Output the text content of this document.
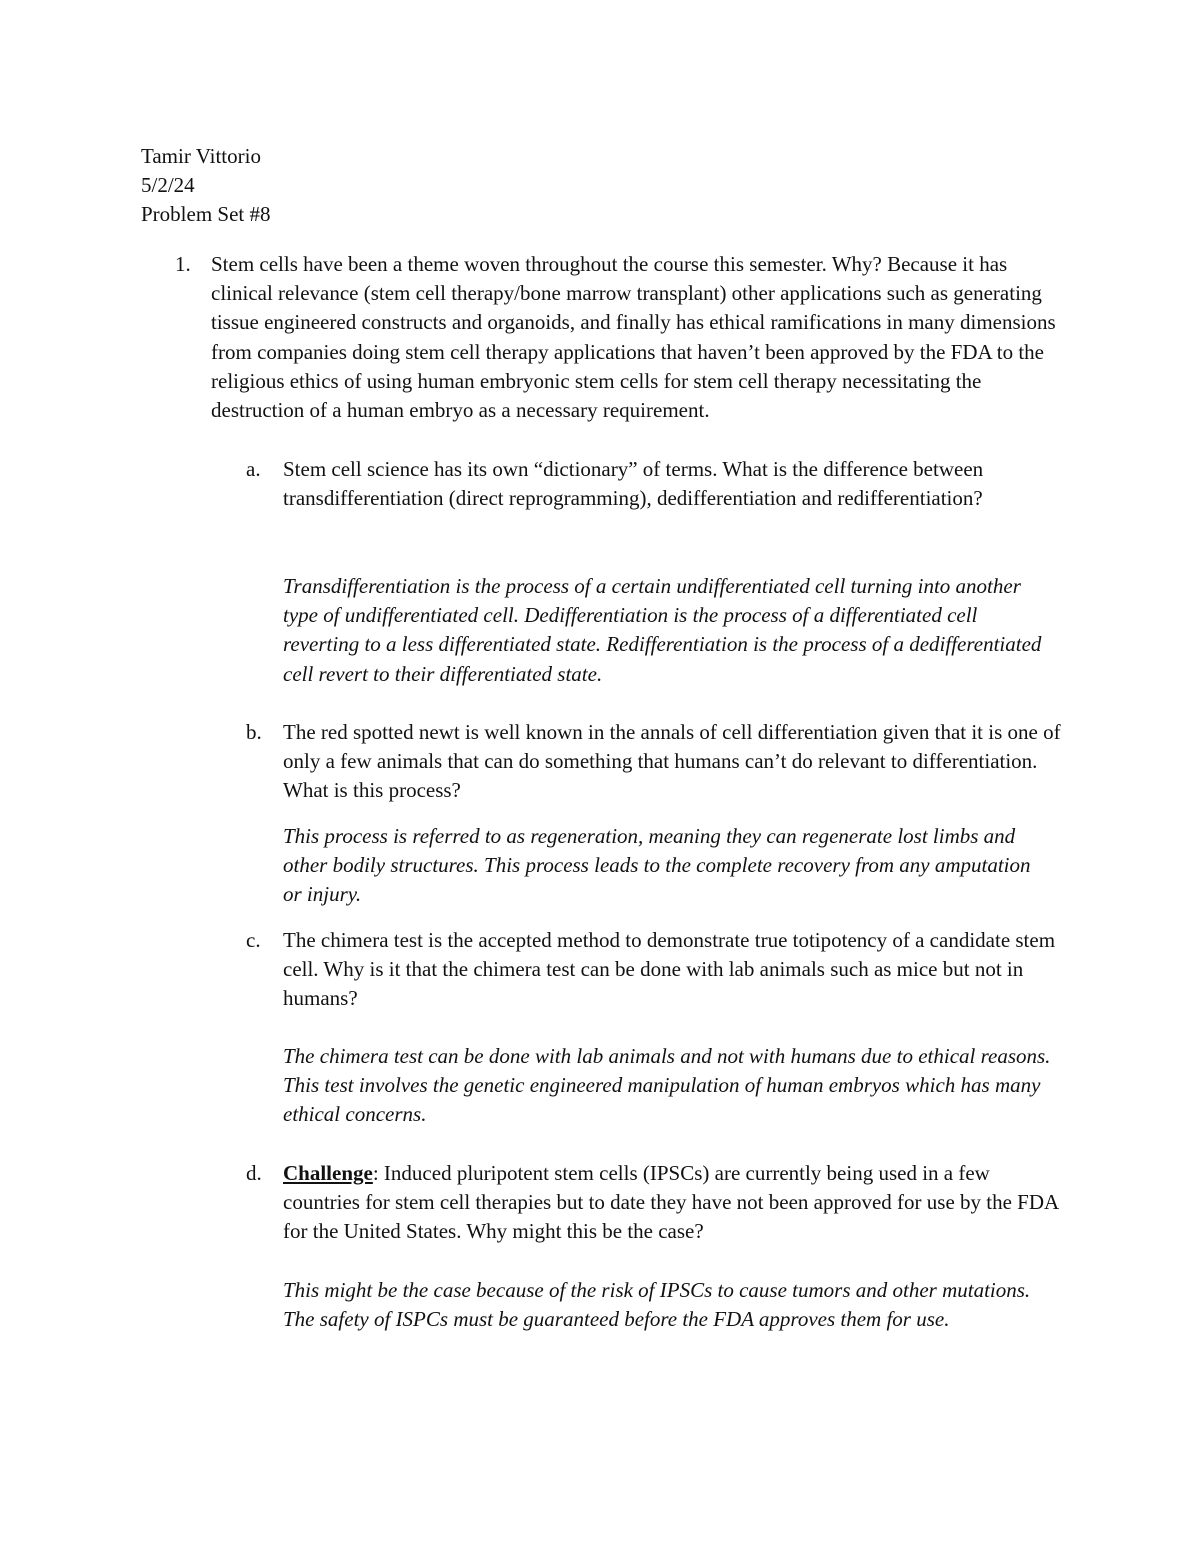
Tamir Vittorio
5/2/24
Problem Set #8
1. Stem cells have been a theme woven throughout the course this semester. Why? Because it has clinical relevance (stem cell therapy/bone marrow transplant) other applications such as generating tissue engineered constructs and organoids, and finally has ethical ramifications in many dimensions from companies doing stem cell therapy applications that haven’t been approved by the FDA to the religious ethics of using human embryonic stem cells for stem cell therapy necessitating the destruction of a human embryo as a necessary requirement.
a. Stem cell science has its own “dictionary” of terms. What is the difference between transdifferentiation (direct reprogramming), dedifferentiation and redifferentiation?
Transdifferentiation is the process of a certain undifferentiated cell turning into another type of undifferentiated cell. Dedifferentiation is the process of a differentiated cell reverting to a less differentiated state. Redifferentiation is the process of a dedifferentiated cell revert to their differentiated state.
b. The red spotted newt is well known in the annals of cell differentiation given that it is one of only a few animals that can do something that humans can’t do relevant to differentiation. What is this process?
This process is referred to as regeneration, meaning they can regenerate lost limbs and other bodily structures. This process leads to the complete recovery from any amputation or injury.
c. The chimera test is the accepted method to demonstrate true totipotency of a candidate stem cell. Why is it that the chimera test can be done with lab animals such as mice but not in humans?
The chimera test can be done with lab animals and not with humans due to ethical reasons. This test involves the genetic engineered manipulation of human embryos which has many ethical concerns.
d. Challenge: Induced pluripotent stem cells (IPSCs) are currently being used in a few countries for stem cell therapies but to date they have not been approved for use by the FDA for the United States. Why might this be the case?
This might be the case because of the risk of IPSCs to cause tumors and other mutations. The safety of ISPCs must be guaranteed before the FDA approves them for use.
